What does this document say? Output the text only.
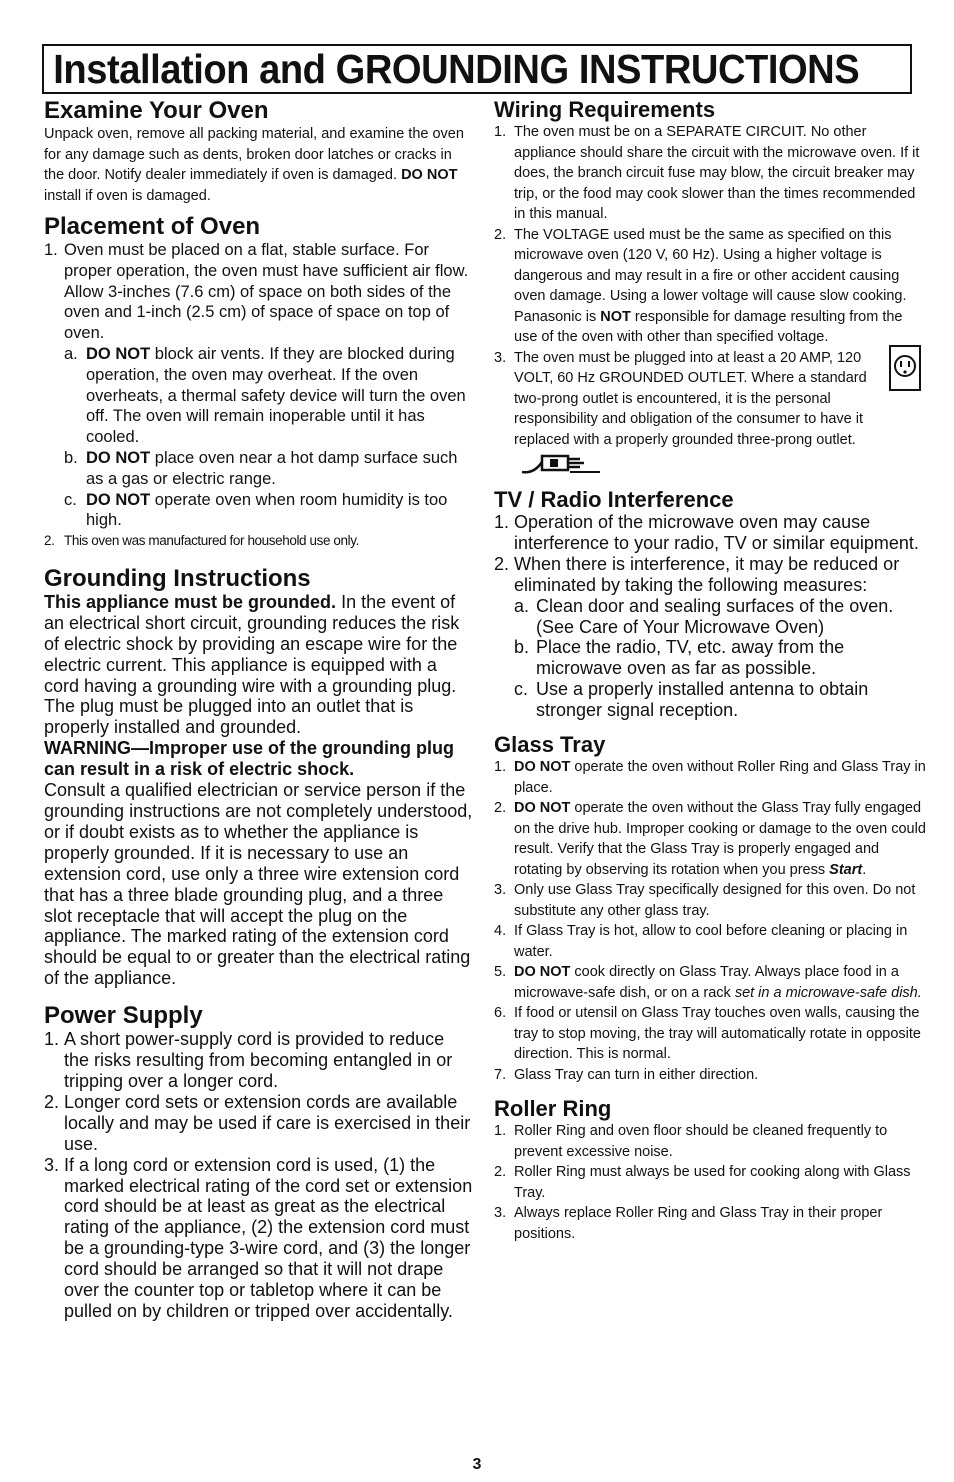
Installation and GROUNDING INSTRUCTIONS
Examine Your Oven

Unpack oven, remove all packing material, and examine the oven for any damage such as dents, broken door latches or cracks in the door. Notify dealer immediately if oven is damaged. DO NOT install if oven is damaged.

Placement of Oven
1. Oven must be placed on a flat, stable surface. For proper operation, the oven must have sufficient air flow. Allow 3-inches (7.6 cm) of space on both sides of the oven and 1-inch (2.5 cm) of space of space on top of oven.
a. DO NOT block air vents. If they are blocked during operation, the oven may overheat. If the oven overheats, a thermal safety device will turn the oven off. The oven will remain inoperable until it has cooled.
b. DO NOT place oven near a hot damp surface such as a gas or electric range.
c. DO NOT operate oven when room humidity is too high.
2. This oven was manufactured for household use only.
Grounding Instructions

This appliance must be grounded. In the event of an electrical short circuit, grounding reduces the risk of electric shock by providing an escape wire for the electric current. This appliance is equipped with a cord having a grounding wire with a grounding plug. The plug must be plugged into an outlet that is properly installed and grounded.

WARNING—Improper use of the grounding plug can result in a risk of electric shock.

Consult a qualified electrician or service person if the grounding instructions are not completely understood, or if doubt exists as to whether the appliance is properly grounded. If it is necessary to use an extension cord, use only a three wire extension cord that has a three blade grounding plug, and a three slot receptacle that will accept the plug on the appliance. The marked rating of the extension cord should be equal to or greater than the electrical rating of the appliance.

Power Supply
1. A short power-supply cord is provided to reduce the risks resulting from becoming entangled in or tripping over a longer cord.
2. Longer cord sets or extension cords are available locally and may be used if care is exercised in their use.
3. If a long cord or extension cord is used, (1) the marked electrical rating of the cord set or extension cord should be at least as great as the electrical rating of the appliance, (2) the extension cord must be a grounding-type 3-wire cord, and (3) the longer cord should be arranged so that it will not drape over the counter top or tabletop where it can be pulled on by children or tripped over accidentally.
Wiring Requirements
1. The oven must be on a SEPARATE CIRCUIT. No other appliance should share the circuit with the microwave oven. If it does, the branch circuit fuse may blow, the circuit breaker may trip, or the food may cook slower than the times recommended in this manual.
2. The VOLTAGE used must be the same as specified on this microwave oven (120 V, 60 Hz). Using a higher voltage is dangerous and may result in a fire or other accident causing oven damage. Using a lower voltage will cause slow cooking. Panasonic is NOT responsible for damage resulting from the use of the oven with other than specified voltage.
3. The oven must be plugged into at least a 20 AMP, 120 VOLT, 60 Hz GROUNDED OUTLET. Where a standard two-prong outlet is encountered, it is the personal responsibility and obligation of the consumer to have it replaced with a properly grounded three-prong outlet.
TV / Radio Interference
1. Operation of the microwave oven may cause interference to your radio, TV or similar equipment.
2. When there is interference, it may be reduced or eliminated by taking the following measures:
a. Clean door and sealing surfaces of the oven. (See Care of Your Microwave Oven)
b. Place the radio, TV, etc. away from the microwave oven as far as possible.
c. Use a properly installed antenna to obtain stronger signal reception.
Glass Tray
1. DO NOT operate the oven without Roller Ring and Glass Tray in place.
2. DO NOT operate the oven without the Glass Tray fully engaged on the drive hub. Improper cooking or damage to the oven could result. Verify that the Glass Tray is properly engaged and rotating by observing its rotation when you press Start.
3. Only use Glass Tray specifically designed for this oven. Do not substitute any other glass tray.
4. If Glass Tray is hot, allow to cool before cleaning or placing in water.
5. DO NOT cook directly on Glass Tray. Always place food in a microwave-safe dish, or on a rack set in a microwave-safe dish.
6. If food or utensil on Glass Tray touches oven walls, causing the tray to stop moving, the tray will automatically rotate in opposite direction. This is normal.
7. Glass Tray can turn in either direction.
Roller Ring
1. Roller Ring and oven floor should be cleaned frequently to prevent excessive noise.
2. Roller Ring must always be used for cooking along with Glass Tray.
3. Always replace Roller Ring and Glass Tray in their proper positions.
3
